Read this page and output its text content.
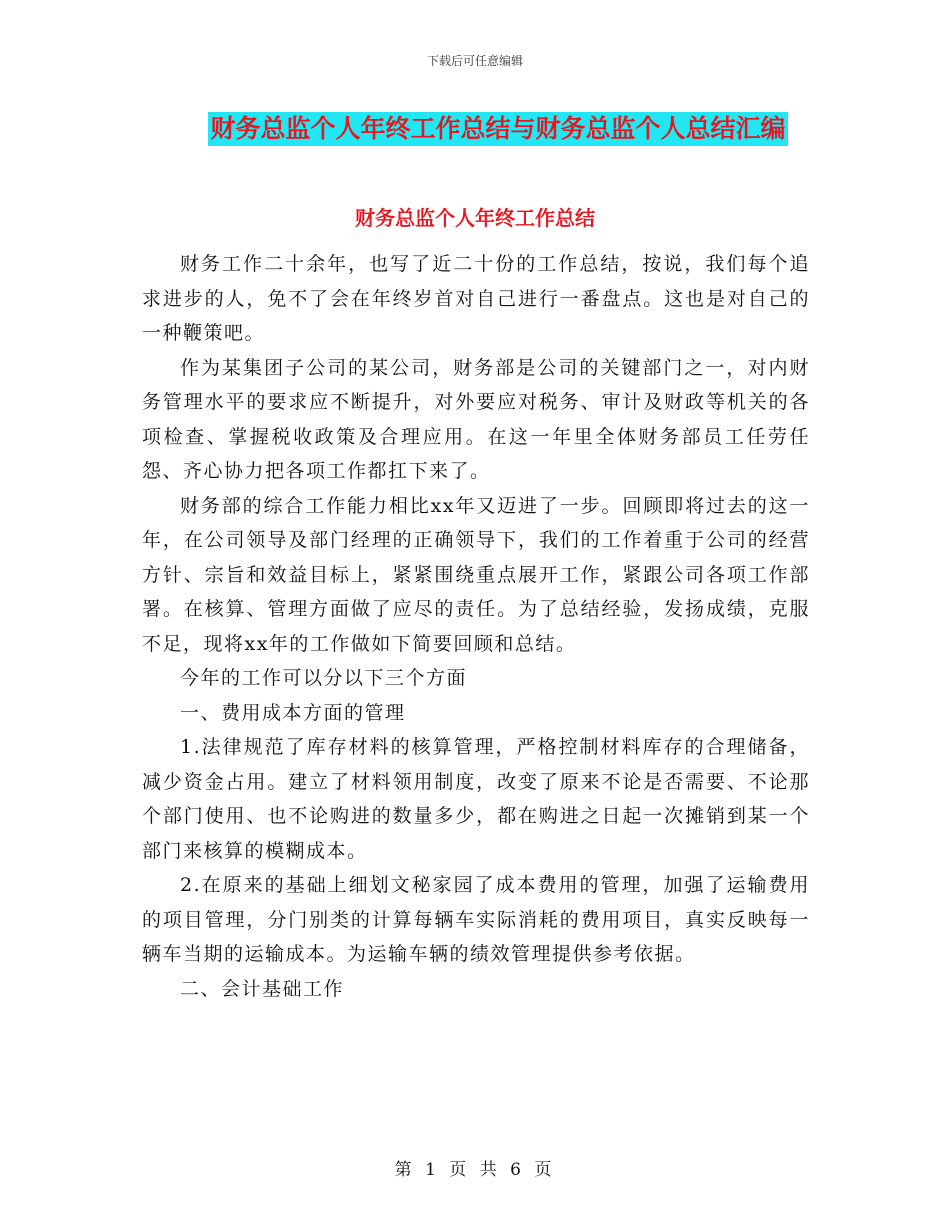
下载后可任意编辑
财务总监个人年终工作总结与财务总监个人总结汇编
财务总监个人年终工作总结

财务工作二十余年，也写了近二十份的工作总结，按说，我们每个追求进步的人，免不了会在年终岁首对自己进行一番盘点。这也是对自己的一种鞭策吧。

作为某集团子公司的某公司，财务部是公司的关键部门之一，对内财务管理水平的要求应不断提升，对外要应对税务、审计及财政等机关的各项检查、掌握税收政策及合理应用。在这一年里全体财务部员工任劳任怨、齐心协力把各项工作都扛下来了。

财务部的综合工作能力相比xx年又迈进了一步。回顾即将过去的这一年，在公司领导及部门经理的正确领导下，我们的工作着重于公司的经营方针、宗旨和效益目标上，紧紧围绕重点展开工作，紧跟公司各项工作部署。在核算、管理方面做了应尽的责任。为了总结经验，发扬成绩，克服不足，现将xx年的工作做如下简要回顾和总结。

今年的工作可以分以下三个方面

一、费用成本方面的管理

1.法律规范了库存材料的核算管理，严格控制材料库存的合理储备，减少资金占用。建立了材料领用制度，改变了原来不论是否需要、不论那个部门使用、也不论购进的数量多少，都在购进之日起一次摊销到某一个部门来核算的模糊成本。

2.在原来的基础上细划文秘家园了成本费用的管理，加强了运输费用的项目管理，分门别类的计算每辆车实际消耗的费用项目，真实反映每一辆车当期的运输成本。为运输车辆的绩效管理提供参考依据。

二、会计基础工作

第 1 页 共 6 页
